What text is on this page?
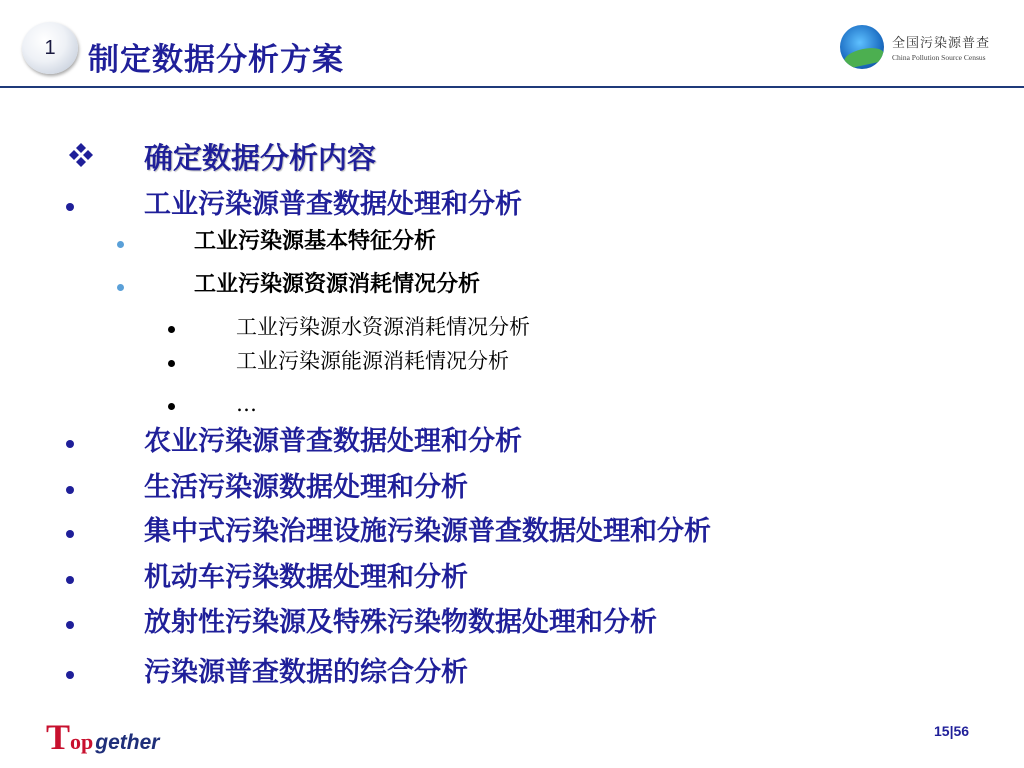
1 制定数据分析方案	全国污染源普查
China Pollution Source Census
确定数据分析内容
工业污染源普查数据处理和分析
工业污染源基本特征分析
工业污染源资源消耗情况分析
工业污染源水资源消耗情况分析
工业污染源能源消耗情况分析
…
农业污染源普查数据处理和分析
生活污染源数据处理和分析
集中式污染治理设施污染源普查数据处理和分析
机动车污染数据处理和分析
放射性污染源及特殊污染物数据处理和分析
污染源普查数据的综合分析
T op gether	15|56
